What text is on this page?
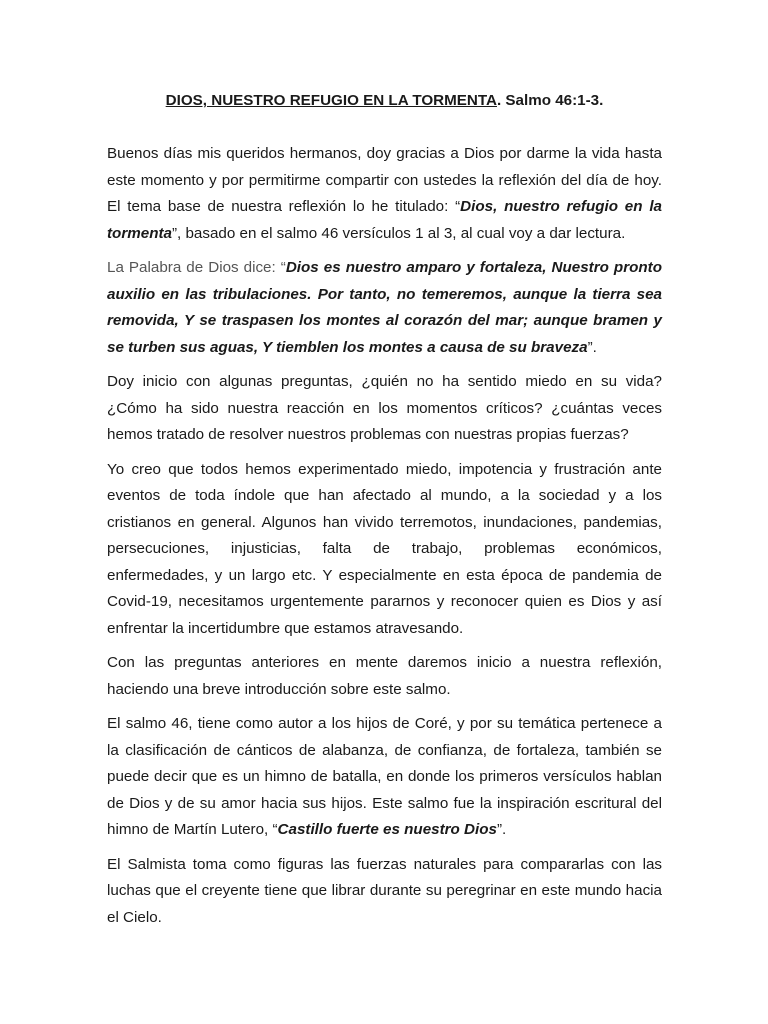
DIOS, NUESTRO REFUGIO EN LA TORMENTA. Salmo 46:1-3.

Buenos días mis queridos hermanos, doy gracias a Dios por darme la vida hasta este momento y por permitirme compartir con ustedes la reflexión del día de hoy. El tema base de nuestra reflexión lo he titulado: “Dios, nuestro refugio en la tormenta”, basado en el salmo 46 versículos 1 al 3, al cual voy a dar lectura.

La Palabra de Dios dice: “Dios es nuestro amparo y fortaleza, Nuestro pronto auxilio en las tribulaciones. Por tanto, no temeremos, aunque la tierra sea removida, Y se traspasen los montes al corazón del mar; aunque bramen y se turben sus aguas, Y tiemblen los montes a causa de su braveza”.

Doy inicio con algunas preguntas, ¿quién no ha sentido miedo en su vida? ¿Cómo ha sido nuestra reacción en los momentos críticos? ¿cuántas veces hemos tratado de resolver nuestros problemas con nuestras propias fuerzas?

Yo creo que todos hemos experimentado miedo, impotencia y frustración ante eventos de toda índole que han afectado al mundo, a la sociedad y a los cristianos en general. Algunos han vivido terremotos, inundaciones, pandemias, persecuciones, injusticias, falta de trabajo, problemas económicos, enfermedades, y un largo etc. Y especialmente en esta época de pandemia de Covid-19, necesitamos urgentemente pararnos y reconocer quien es Dios y así enfrentar la incertidumbre que estamos atravesando.

Con las preguntas anteriores en mente daremos inicio a nuestra reflexión, haciendo una breve introducción sobre este salmo.

El salmo 46, tiene como autor a los hijos de Coré, y por su temática pertenece a la clasificación de cánticos de alabanza, de confianza, de fortaleza, también se puede decir que es un himno de batalla, en donde los primeros versículos hablan de Dios y de su amor hacia sus hijos. Este salmo fue la inspiración escritural del himno de Martín Lutero, “Castillo fuerte es nuestro Dios”.

El Salmista toma como figuras las fuerzas naturales para compararlas con las luchas que el creyente tiene que librar durante su peregrinar en este mundo hacia el Cielo.
